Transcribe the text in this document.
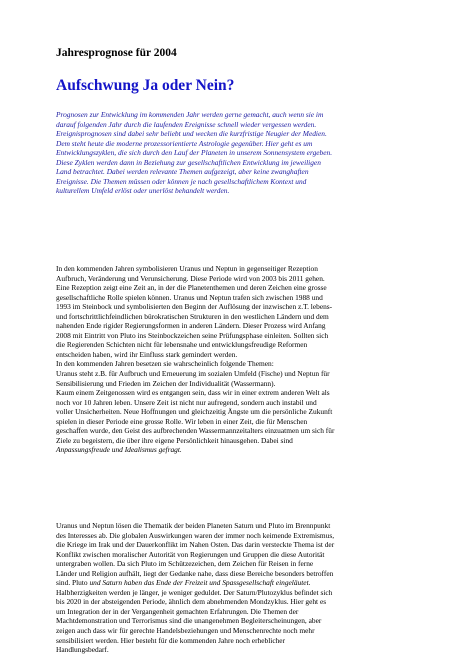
Jahresprognose für 2004
Aufschwung Ja oder Nein?
Prognosen zur Entwicklung im kommenden Jahr werden gerne gemacht, auch wenn sie im
darauf folgenden Jahr durch die laufenden Ereignisse schnell wieder vergessen werden.
Ereignisprognosen sind dabei sehr beliebt und wecken die kurzfristige Neugier der Medien.
Dem steht heute die moderne prozessorientierte Astrologie gegenüber. Hier geht es um
Entwicklungszyklen, die sich durch den Lauf der Planeten in unserem Sonnensystem ergeben.
Diese Zyklen werden dann in Beziehung zur gesellschaftlichen Entwicklung im jeweiligen
Land betrachtet. Dabei werden relevante Themen aufgezeigt, aber keine zwanghaften
Ereignisse. Die Themen müssen oder können je nach gesellschaftlichem Kontext und
kulturellem Umfeld erlöst oder unerlöst behandelt werden.
In den kommenden Jahren symbolisieren Uranus und Neptun in gegenseitiger Rezeption
Aufbruch, Veränderung und Verunsicherung. Diese Periode wird von 2003 bis 2011 gehen.
Eine Rezeption zeigt eine Zeit an, in der die Planetenthemen und deren Zeichen eine grosse
gesellschaftliche Rolle spielen können. Uranus und Neptun trafen sich zwischen 1988 und
1993 im Steinbock und symbolisierten den Beginn der Auflösung der inzwischen z.T. lebens-
und fortschrittlichfeindlichen bürokratischen Strukturen in den westlichen Ländern und dem
nahenden Ende rigider Regierungsformen in anderen Ländern. Dieser Prozess wird Anfang
2008 mit Eintritt von Pluto ins Steinbockzeichen seine Prüfungsphase einleiten. Sollten sich
die Regierenden Schichten nicht für lebensnahe und entwicklungsfreudige Reformen
entscheiden haben, wird ihr Einfluss stark gemindert werden.
In den kommenden Jahren besetzen sie wahrscheinlich folgende Themen:
Uranus steht z.B. für Aufbruch und Erneuerung im sozialen Umfeld (Fische) und Neptun für
Sensibilisierung und Frieden im Zeichen der Individualität (Wassermann).
Kaum einem Zeitgenossen wird es entgangen sein, dass wir in einer extrem anderen Welt als
noch vor 10 Jahren leben. Unsere Zeit ist nicht nur aufregend, sondern auch instabil und
voller Unsicherheiten. Neue Hoffnungen und gleichzeitig Ängste um die persönliche Zukunft
spielen in dieser Periode eine grosse Rolle. Wir leben in einer Zeit, die für Menschen
geschaffen wurde, den Geist des aufbrechenden Wassermannzeitalters einzuatmen um sich für
Ziele zu begeistern, die über ihre eigene Persönlichkeit hinausgehen. Dabei sind
Anpassungsfreude und Idealismus gefragt.
Uranus und Neptun lösen die Thematik der beiden Planeten Saturn und Pluto im Brennpunkt
des Interesses ab. Die globalen Auswirkungen waren der immer noch keimende Extremismus,
die Kriege im Irak und der Dauerkonflikt im Nahen Osten. Das darin versteckte Thema ist der
Konflikt zwischen moralischer Autorität von Regierungen und Gruppen die diese Autorität
untergraben wollen. Da sich Pluto im Schützezeichen, dem Zeichen für Reisen in ferne
Länder und Religion aufhält, liegt der Gedanke nahe, dass diese Bereiche besonders betroffen
sind. Pluto und Saturn haben das Ende der Freizeit und Spassgesellschaft eingeläutet.
Halbherzigkeiten werden je länger, je weniger geduldet. Der Saturn/Plutozyklus befindet sich
bis 2020 in der absteigenden Periode, ähnlich dem abnehmenden Mondzyklus. Hier geht es
um Integration der in der Vergangenheit gemachten Erfahrungen. Die Themen der
Machtdemonstration und Terrorismus sind die unangenehmen Begleiterscheinungen, aber
zeigen auch dass wir für gerechte Handelsbeziehungen und Menschenrechte noch mehr
sensibilisiert werden. Hier besteht für die kommenden Jahre noch erheblicher
Handlungsbedarf.
